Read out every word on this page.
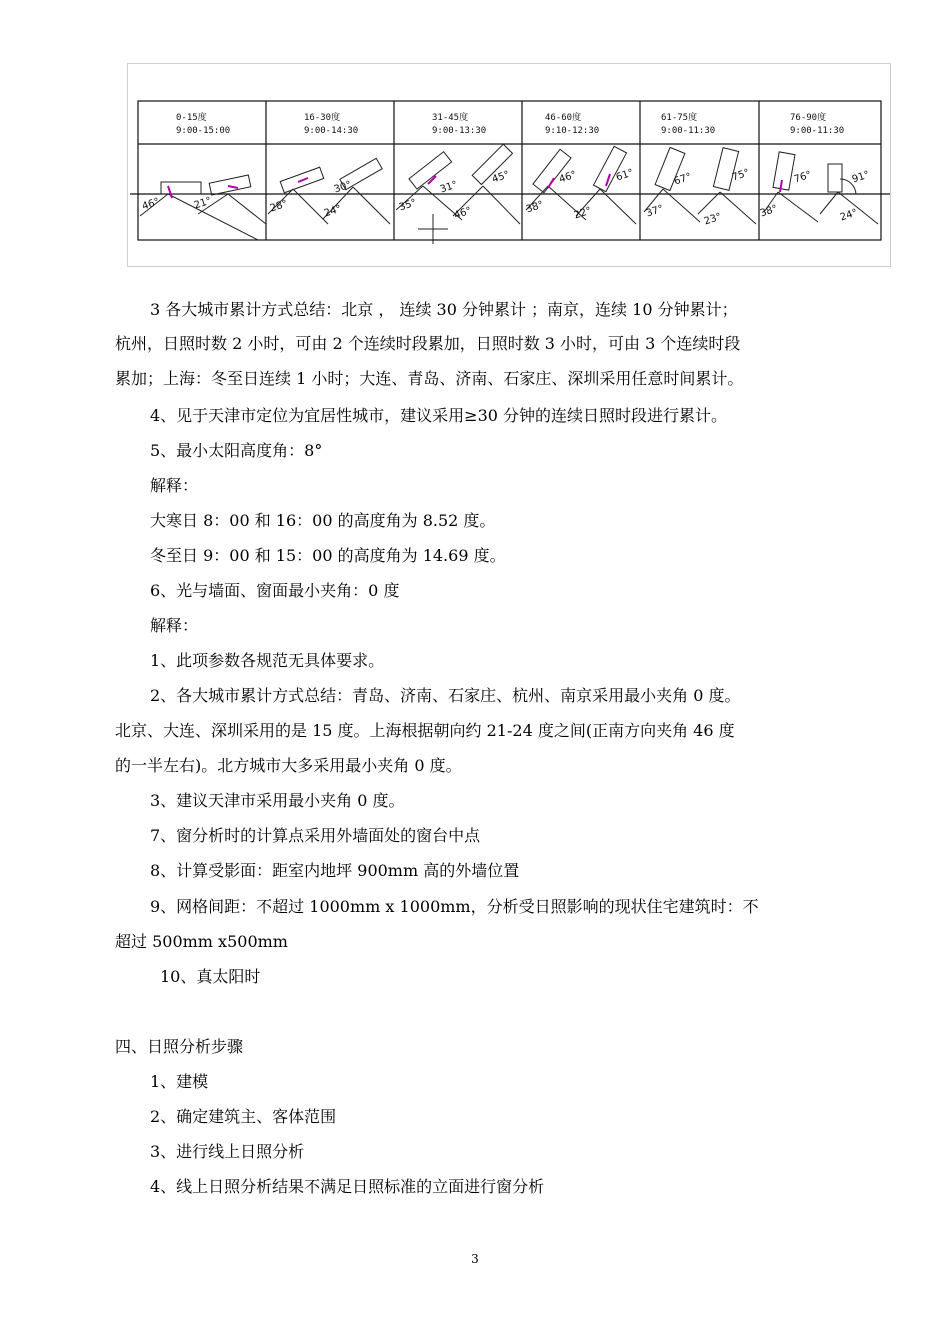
0-15度
9:00-15:00
16-30度
9:00-14:30
31-45度
9:00-13:30
46-60度
9:10-12:30
61-75度
9:00-11:30
76-90度
9:00-11:30
46°	21°	28°
30°
24°	35°
31°
45°
46°	38°
46°	61°
22°	37°
67°	75°
23°
38°
76°	91°
24°
3 各大城市累计方式总结：北京 ， 连续 30 分钟累计 ；南京，连续 10 分钟累计；
杭州，日照时数 2 小时，可由 2 个连续时段累加，日照时数 3 小时，可由 3 个连续时段
累加；上海：冬至日连续 1 小时；大连、青岛、济南、石家庄、深圳采用任意时间累计。
4、见于天津市定位为宜居性城市，建议采用≥30 分钟的连续日照时段进行累计。
5、最小太阳高度角：8°
解释：
大寒日 8：00 和 16：00 的高度角为 8.52 度。
冬至日 9：00 和 15：00 的高度角为 14.69 度。
6、光与墙面、窗面最小夹角：0 度
解释：
1、此项参数各规范无具体要求。
2、各大城市累计方式总结：青岛、济南、石家庄、杭州、南京采用最小夹角 0 度。
北京、大连、深圳采用的是 15 度。上海根据朝向约 21-24 度之间(正南方向夹角 46 度
的一半左右)。北方城市大多采用最小夹角 0 度。
3、建议天津市采用最小夹角 0 度。
7、窗分析时的计算点采用外墙面处的窗台中点
8、计算受影面：距室内地坪 900mm 高的外墙位置
9、网格间距：不超过 1000mm x 1000mm，分析受日照影响的现状住宅建筑时：不
超过 500mm x500mm
10、真太阳时
四、日照分析步骤
1、建模
2、确定建筑主、客体范围
3、进行线上日照分析
4、线上日照分析结果不满足日照标准的立面进行窗分析
3
